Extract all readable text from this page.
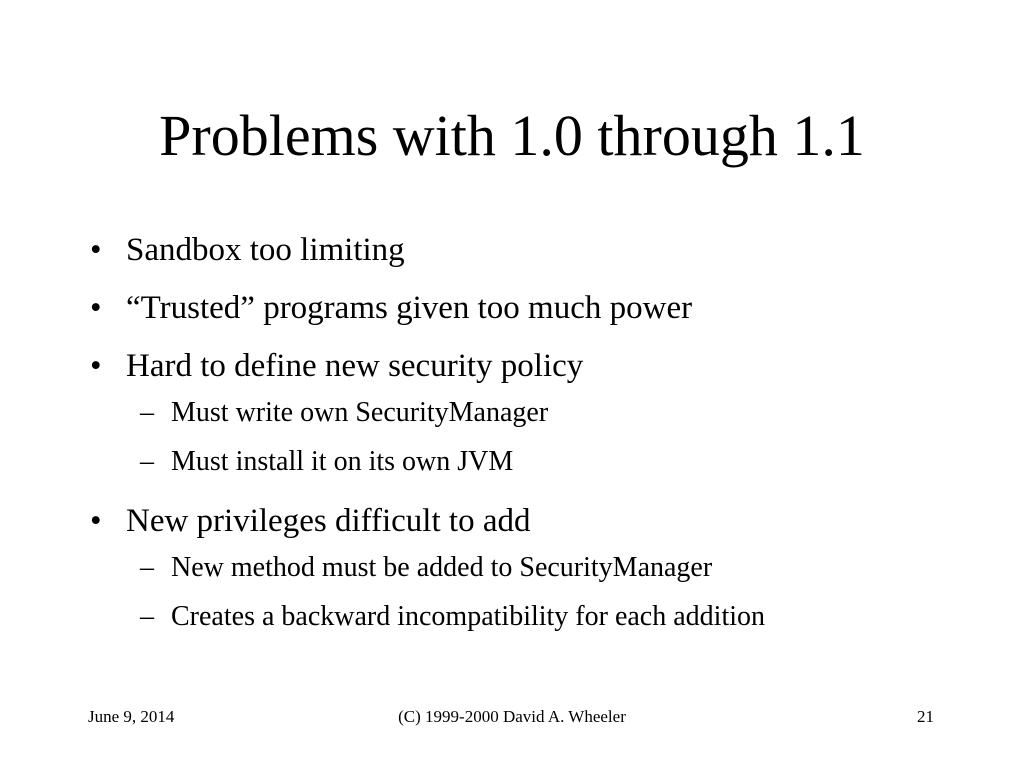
Problems with 1.0 through 1.1
• Sandbox too limiting
• “Trusted” programs given too much power
• Hard to define new security policy
– Must write own SecurityManager
– Must install it on its own JVM
• New privileges difficult to add
– New method must be added to SecurityManager
– Creates a backward incompatibility for each addition
June 9, 2014	(C) 1999-2000 David A. Wheeler	21
